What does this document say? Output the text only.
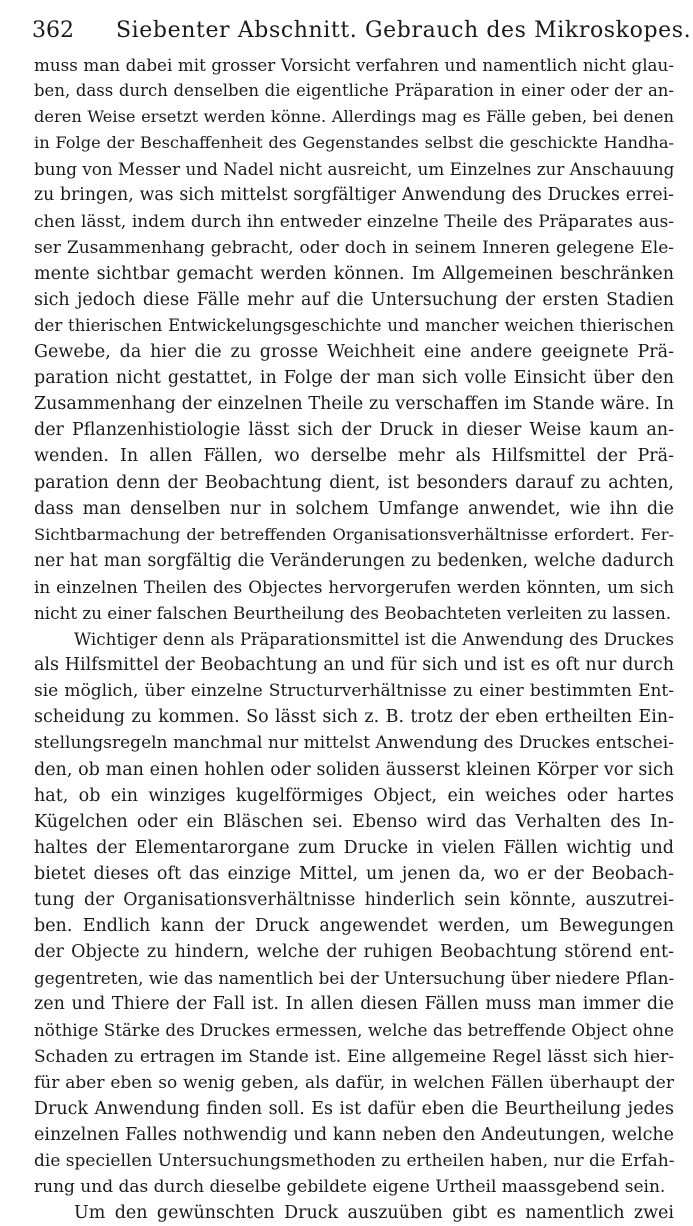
362 Siebenter Abschnitt. Gebrauch des Mikroskopes.
muss man dabei mit grosser Vorsicht verfahren und namentlich nicht glau-
ben, dass durch denselben die eigentliche Präparation in einer oder der an-
deren Weise ersetzt werden könne. Allerdings mag es Fälle geben, bei denen
in Folge der Beschaffenheit des Gegenstandes selbst die geschickte Handha-
bung von Messer und Nadel nicht ausreicht, um Einzelnes zur Anschauung
zu bringen, was sich mittelst sorgfältiger Anwendung des Druckes errei-
chen lässt, indem durch ihn entweder einzelne Theile des Präparates aus-
ser Zusammenhang gebracht, oder doch in seinem Inneren gelegene Ele-
mente sichtbar gemacht werden können. Im Allgemeinen beschränken
sich jedoch diese Fälle mehr auf die Untersuchung der ersten Stadien
der thierischen Entwickelungsgeschichte und mancher weichen thierischen
Gewebe, da hier die zu grosse Weichheit eine andere geeignete Prä-
paration nicht gestattet, in Folge der man sich volle Einsicht über den
Zusammenhang der einzelnen Theile zu verschaffen im Stande wäre. In
der Pflanzenhistiologie lässt sich der Druck in dieser Weise kaum an-
wenden. In allen Fällen, wo derselbe mehr als Hilfsmittel der Prä-
paration denn der Beobachtung dient, ist besonders darauf zu achten,
dass man denselben nur in solchem Umfange anwendet, wie ihn die
Sichtbarmachung der betreffenden Organisationsverhältnisse erfordert. Fer-
ner hat man sorgfältig die Veränderungen zu bedenken, welche dadurch
in einzelnen Theilen des Objectes hervorgerufen werden könnten, um sich
nicht zu einer falschen Beurtheilung des Beobachteten verleiten zu lassen.
Wichtiger denn als Präparationsmittel ist die Anwendung des Druckes
als Hilfsmittel der Beobachtung an und für sich und ist es oft nur durch
sie möglich, über einzelne Structurverhältnisse zu einer bestimmten Ent-
scheidung zu kommen. So lässt sich z. B. trotz der eben ertheilten Ein-
stellungsregeln manchmal nur mittelst Anwendung des Druckes entschei-
den, ob man einen hohlen oder soliden äusserst kleinen Körper vor sich
hat, ob ein winziges kugelförmiges Object, ein weiches oder hartes
Kügelchen oder ein Bläschen sei. Ebenso wird das Verhalten des In-
haltes der Elementarorgane zum Drucke in vielen Fällen wichtig und
bietet dieses oft das einzige Mittel, um jenen da, wo er der Beobach-
tung der Organisationsverhältnisse hinderlich sein könnte, auszutrei-
ben. Endlich kann der Druck angewendet werden, um Bewegungen
der Objecte zu hindern, welche der ruhigen Beobachtung störend ent-
gegentreten, wie das namentlich bei der Untersuchung über niedere Pflan-
zen und Thiere der Fall ist. In allen diesen Fällen muss man immer die
nöthige Stärke des Druckes ermessen, welche das betreffende Object ohne
Schaden zu ertragen im Stande ist. Eine allgemeine Regel lässt sich hier-
für aber eben so wenig geben, als dafür, in welchen Fällen überhaupt der
Druck Anwendung finden soll. Es ist dafür eben die Beurtheilung jedes
einzelnen Falles nothwendig und kann neben den Andeutungen, welche
die speciellen Untersuchungsmethoden zu ertheilen haben, nur die Erfah-
rung und das durch dieselbe gebildete eigene Urtheil maassgebend sein.
Um den gewünschten Druck auszuüben gibt es namentlich zwei
